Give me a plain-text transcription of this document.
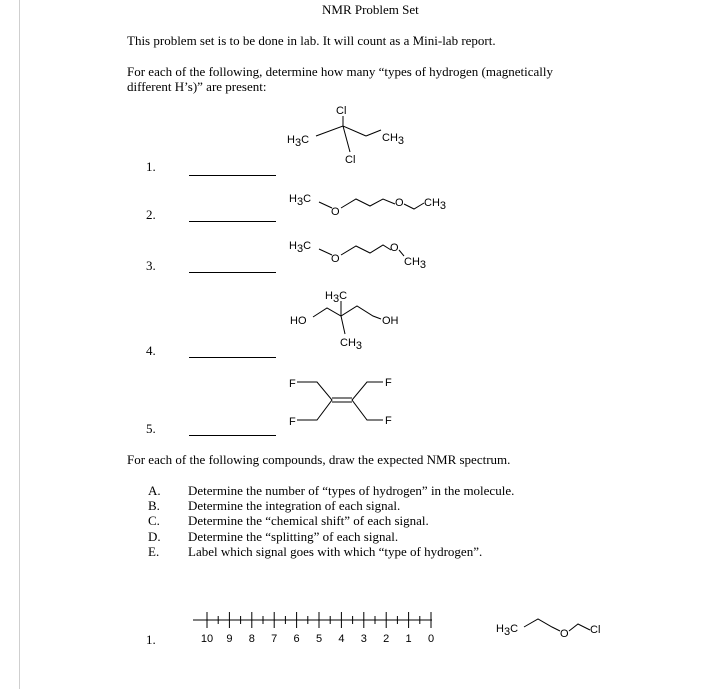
NMR Problem Set
This problem set is to be done in lab. It will count as a Mini-lab report.
For each of the following, determine how many “types of hydrogen (magnetically
different H’s)” are present:
1.
2.
3.
4.
5.
H3C
Cl
Cl
CH3
H3C
O
O CH3
H3C
O
O
CH3
H3C
HO	OH
CH3
F
F
F
F
For each of the following compounds, draw the expected NMR spectrum.
A. Determine the number of “types of hydrogen” in the molecule.
B. Determine the integration of each signal.
C. Determine the “chemical shift” of each signal.
D. Determine the “splitting” of each signal.
E. Label which signal goes with which “type of hydrogen”.
1.	10 9 8 7 6 5 4 3 2 1 0
H3C	O Cl
